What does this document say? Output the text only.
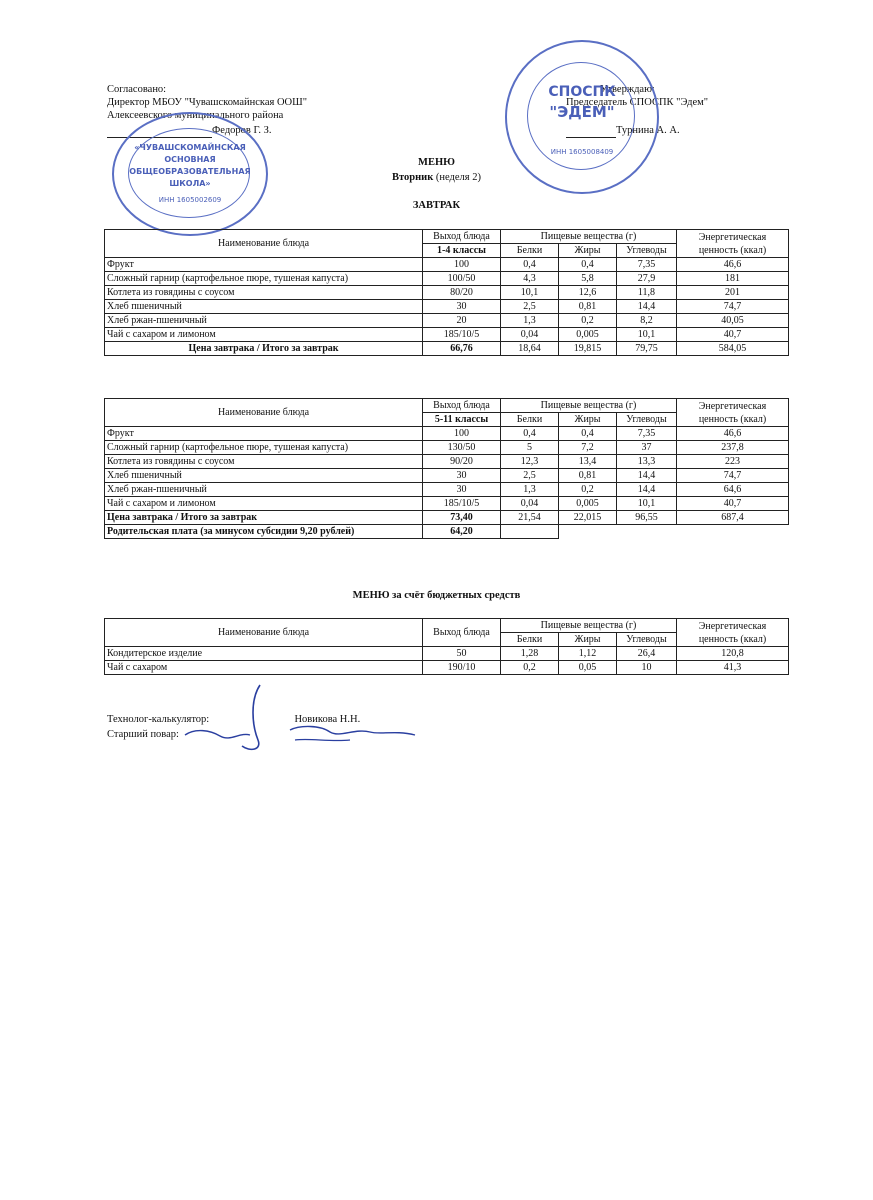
Согласовано:
Директор МБОУ "Чувашскомайнская ООШ"
Алексеевского муниципального района
Федоров Г. З.
Утверждаю:
Председатель СПОСПК "Эдем"
Турнина А. А.
«ЧУВАШСКОМАЙНСКАЯ
ОСНОВНАЯ
ОБЩЕОБРАЗОВАТЕЛЬНАЯ
ШКОЛА»
ИНН 1605002609
СПОСПК
"ЭДЕМ"
ИНН 1605008409
МЕНЮ
Вторник (неделя 2)
ЗАВТРАК
Наименование блюда	Выход блюда	Пищевые вещества (г)			Энергетическая
ценность (ккал)
	1-4 классы	Белки	Жиры	Углеводы	
Фрукт	100	0,4	0,4	7,35	46,6
Сложный гарнир (картофельное пюре, тушеная капуста)	100/50	4,3	5,8	27,9	181
Котлета из говядины с соусом	80/20	10,1	12,6	11,8	201
Хлеб пшеничный	30	2,5	0,81	14,4	74,7
Хлеб ржан-пшеничный	20	1,3	0,2	8,2	40,05
Чай с сахаром и лимоном	185/10/5	0,04	0,005	10,1	40,7
Цена завтрака / Итого за завтрак	66,76	18,64	19,815	79,75	584,05
Наименование блюда	Выход блюда	Пищевые вещества (г)			Энергетическая
ценность (ккал)
	5-11 классы	Белки	Жиры	Углеводы	
Фрукт	100	0,4	0,4	7,35	46,6
Сложный гарнир (картофельное пюре, тушеная капуста)	130/50	5	7,2	37	237,8
Котлета из говядины с соусом	90/20	12,3	13,4	13,3	223
Хлеб пшеничный	30	2,5	0,81	14,4	74,7
Хлеб ржан-пшеничный	30	1,3	0,2	14,4	64,6
Чай с сахаром и лимоном	185/10/5	0,04	0,005	10,1	40,7
Цена завтрака / Итого за завтрак	73,40	21,54	22,015	96,55	687,4
Родительская плата (за минусом субсидии 9,20 рублей)	64,20				
МЕНЮ за счёт бюджетных средств
Наименование блюда	Выход блюда	Пищевые вещества (г)			Энергетическая
ценность (ккал)
		Белки	Жиры	Углеводы	
Кондитерское изделие	50	1,28	1,12	26,4	120,8
Чай с сахаром	190/10	0,2	0,05	10	41,3
Технолог-калькулятор:	Новикова Н.Н.
Старший повар:
